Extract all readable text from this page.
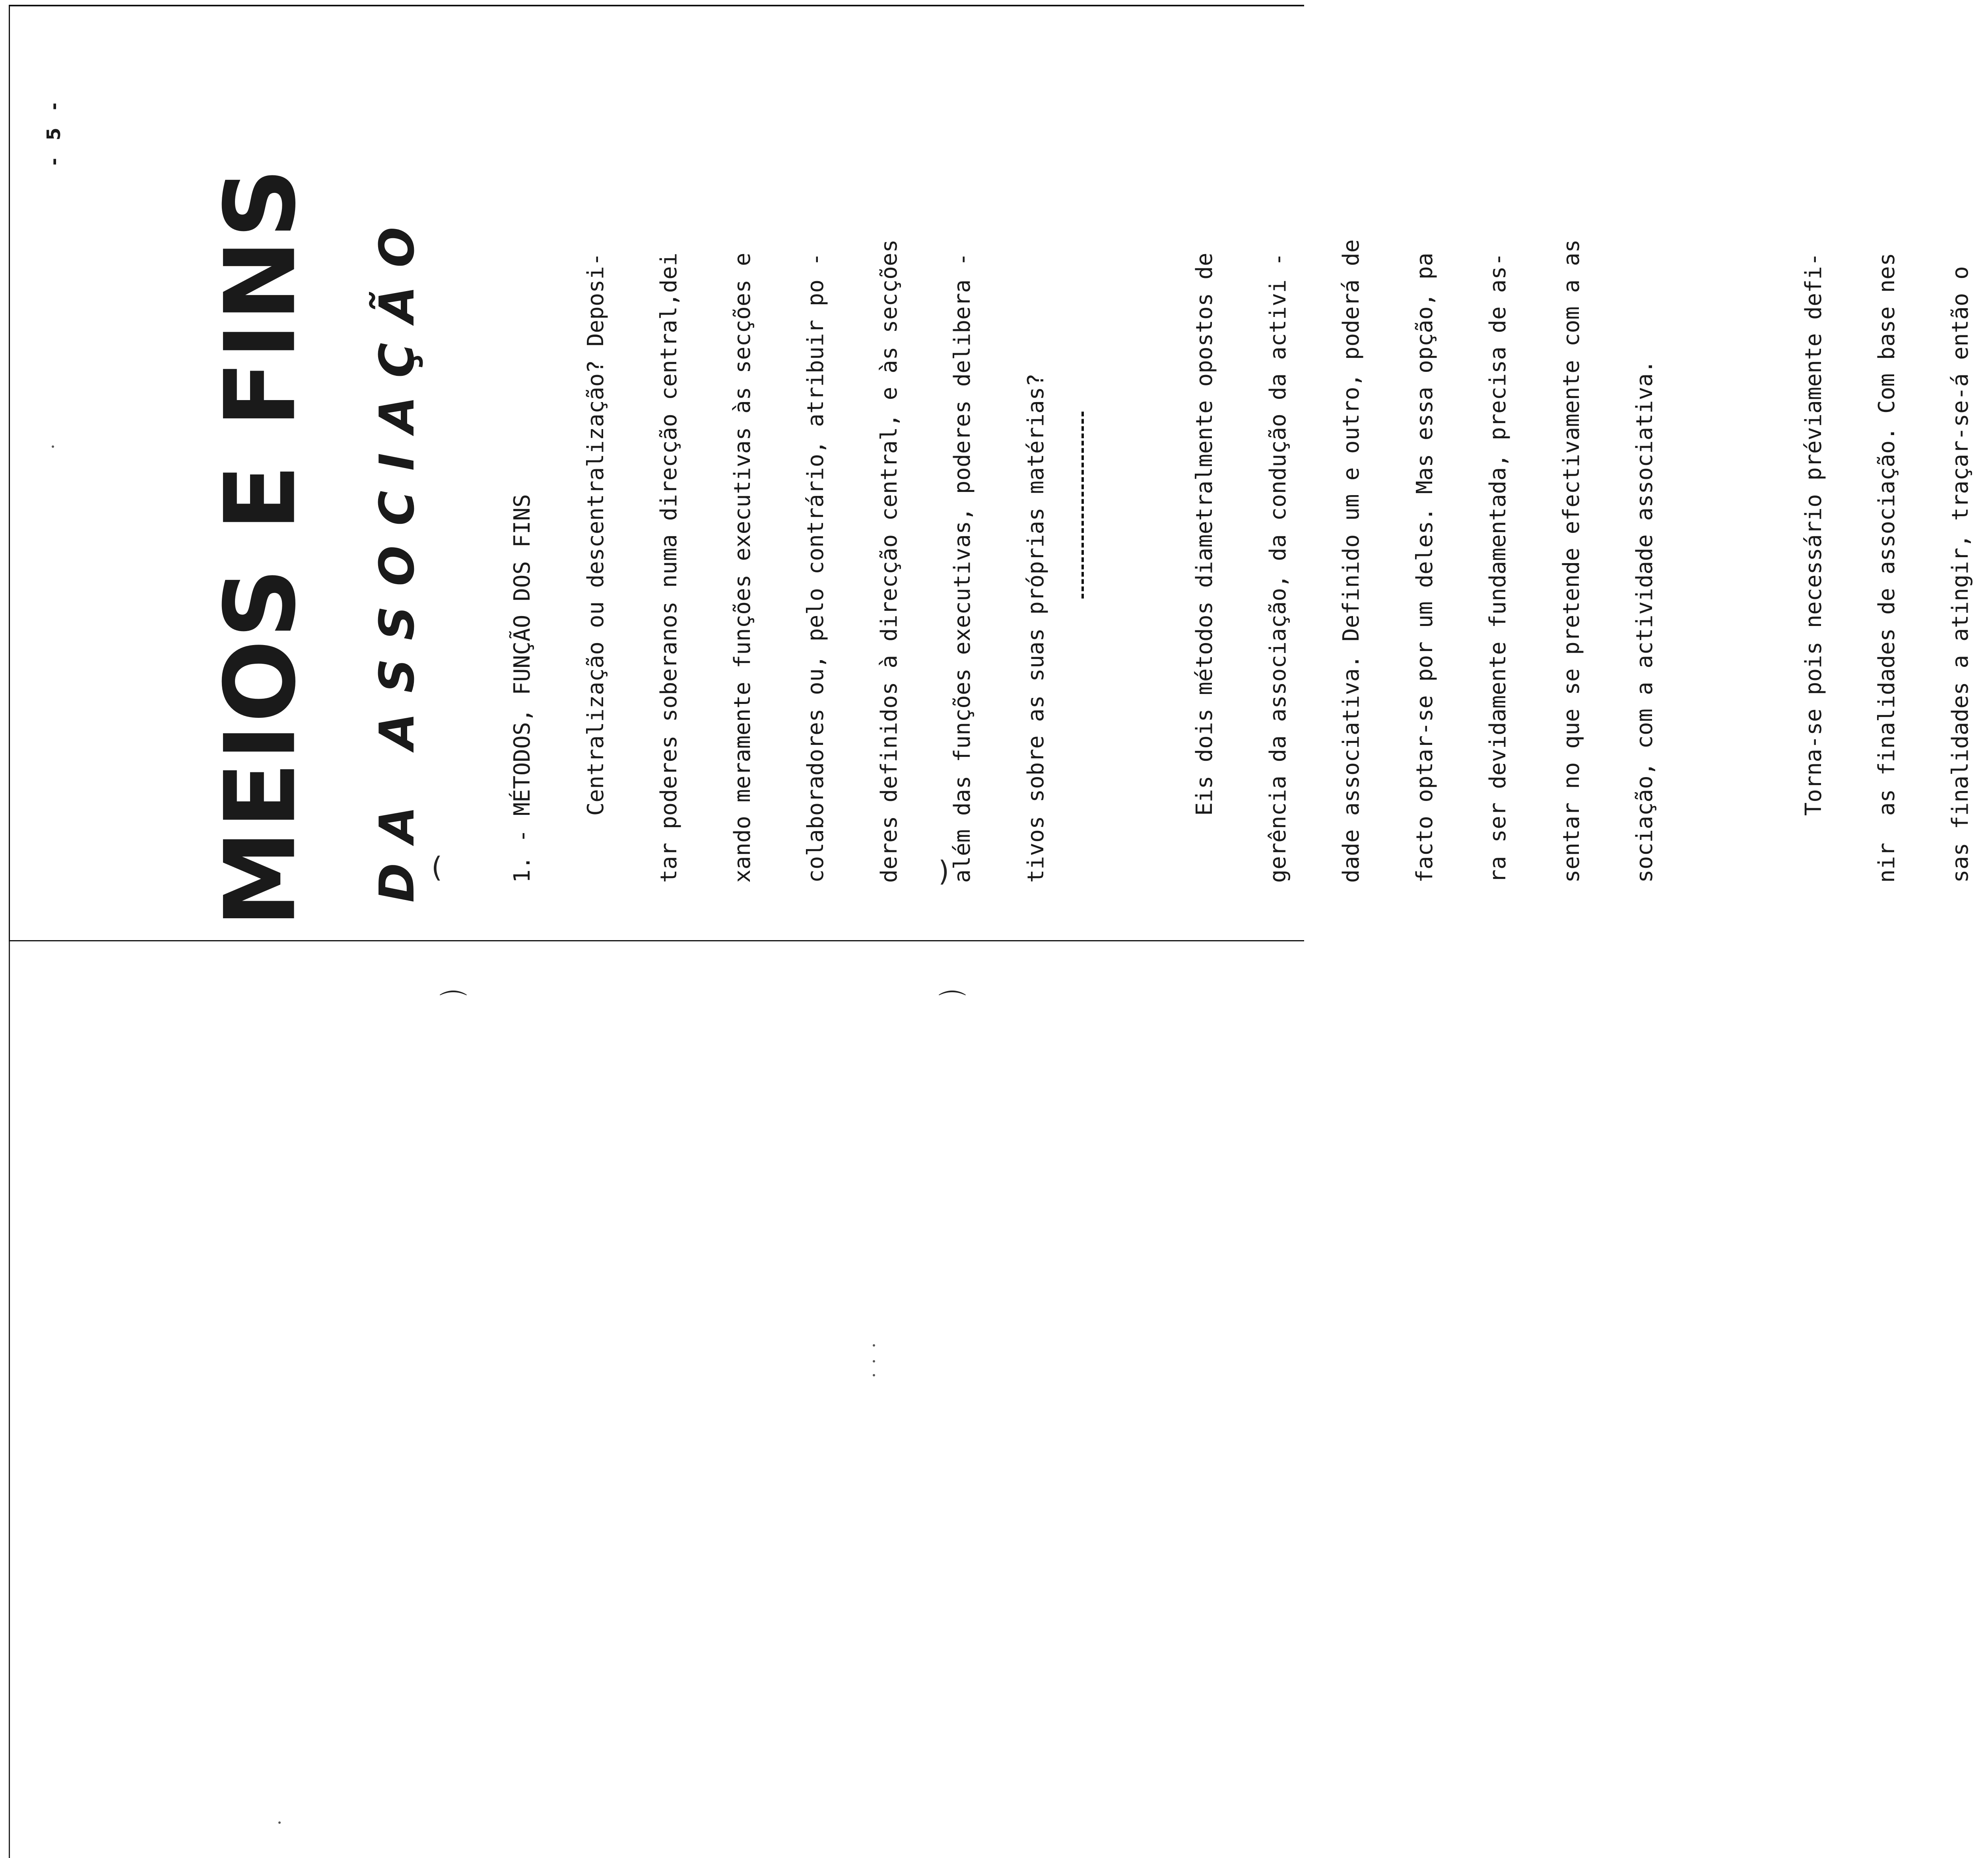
- 5 -
MEIOS E FINS DA ASSOCIAÇÃO

	1. - MÉTODOS, FUNÇÃO DOS FINS

Centralização ou descentralização? Deposi-

tar poderes soberanos numa direcção central,dei

xando meramente funções executivas às secções e

colaboradores ou, pelo contrário, atribuir po -

deres definidos à direcção central, e às secções

além das funções executivas, poderes delibera -

tivos sobre as suas próprias matérias?

	Eis dois métodos diametralmente opostos de

gerência da associação, da condução da activi -

dade associativa. Definido um e outro, poderá de

facto optar-se por um deles. Mas essa opção, pa

ra ser devidamente fundamentada, precisa de as-

sentar no que se pretende efectivamente com a as

sociação, com a actividade associativa.

	Torna-se pois necessário préviamente defi-

nir  as finalidades de associação. Com base nes

sas finalidades a atingir, traçar-se-á então o

(	)
⌒	⌒
